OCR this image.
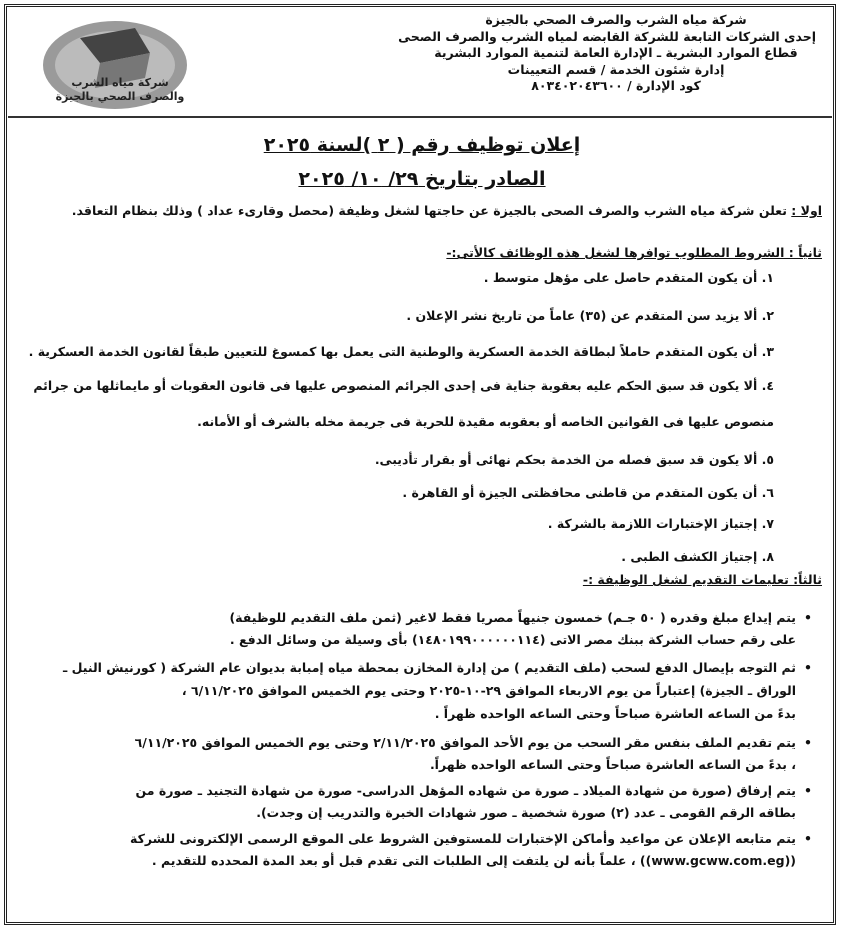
شركة مياه الشرب
والصرف الصحي بالجيزة
شركة مياه الشرب والصرف الصحي بالجيزة
إحدى الشركات التابعة للشركة القابضه لمياه الشرب والصرف الصحى
قطاع الموارد البشرية ـ الإدارة العامة لتنمية الموارد البشرية
إدارة شئون الخدمة / قسم التعيينات
كود الإدارة / ٨٠٣٤٠٢٠٤٣٦٠٠
إعلان توظيف رقم ( ٢ )لسنة ٢٠٢٥
الصادر بتاريخ ٢٩/ ١٠/ ٢٠٢٥
اولا : تعلن شركة مياه الشرب والصرف الصحى بالجيزة عن حاجتها لشغل وظيفة (محصل وقارىء عداد ) وذلك بنظام التعاقد.
ثانياً : الشروط المطلوب توافرها لشغل هذه الوظائف كالأتى:-
١. أن يكون المتقدم حاصل على مؤهل متوسط .
٢. ألا يزيد سن المتقدم عن (٣٥) عاماً من تاريخ نشر الإعلان .
٣. أن يكون المتقدم حاملاً لبطاقة الخدمة العسكرية والوطنية التى يعمل بها كمسوغ للتعيين طبقاً لقانون الخدمة العسكرية .
٤. ألا يكون قد سبق الحكم عليه بعقوبة جناية فى إحدى الجرائم المنصوص عليها فى قانون العقوبات أو مايماثلها من جرائم
منصوص عليها فى القوانين الخاصه أو بعقوبه مقيدة للحرية فى جريمة مخله بالشرف أو الأمانه.
٥. ألا يكون قد سبق فصله من الخدمة بحكم نهائى أو بقرار تأديبى.
٦. أن يكون المتقدم من قاطنى محافظتى الجيزة أو القاهرة .
٧. إجتياز الإختبارات اللازمة بالشركة .
٨. إجتياز الكشف الطبى .
ثالثاً: تعليمات التقديم لشغل الوظيفة :-
• يتم إيداع مبلغ وقدره ( ٥٠ جـم) خمسون جنيهاً مصريا فقط لاغير (ثمن ملف التقديم للوظيفة)
على رقم حساب الشركة ببنك مصر الاتى (١٤٨٠١٩٩٠٠٠٠٠٠١١٤) بأى وسيلة من وسائل الدفع .
• ثم التوجه بإيصال الدفع لسحب (ملف التقديم ) من إدارة المخازن بمحطة مياه إمبابة بديوان عام الشركة ( كورنيش النيل ـ
الوراق ـ الجيزة) إعتباراً من يوم الاربعاء الموافق ٢٩-١٠-٢٠٢٥ وحتى يوم الخميس الموافق ٦/١١/٢٠٢٥ ،
بدءً من الساعه العاشرة صباحاً وحتى الساعه الواحده ظهراً .
• يتم تقديم الملف بنفس مقر السحب من يوم الأحد الموافق ٢/١١/٢٠٢٥ وحتى يوم الخميس الموافق ٦/١١/٢٠٢٥
، بدءً من الساعه العاشرة صباحاً وحتى الساعه الواحده ظهراً.
• يتم إرفاق (صورة من شهادة الميلاد ـ صورة من شهاده المؤهل الدراسى- صورة من شهادة التجنيد ـ صورة من
بطاقه الرقم القومى ـ عدد (٢) صورة شخصية ـ صور شهادات الخبرة والتدريب إن وجدت).
• يتم متابعه الإعلان عن مواعيد وأماكن الإختبارات للمستوفين الشروط على الموقع الرسمى الإلكترونى للشركة
((www.gcww.com.eg)) ، علماً بأنه لن يلتفت إلى الطلبات التى تقدم قبل أو بعد المدة المحدده للتقديم .
